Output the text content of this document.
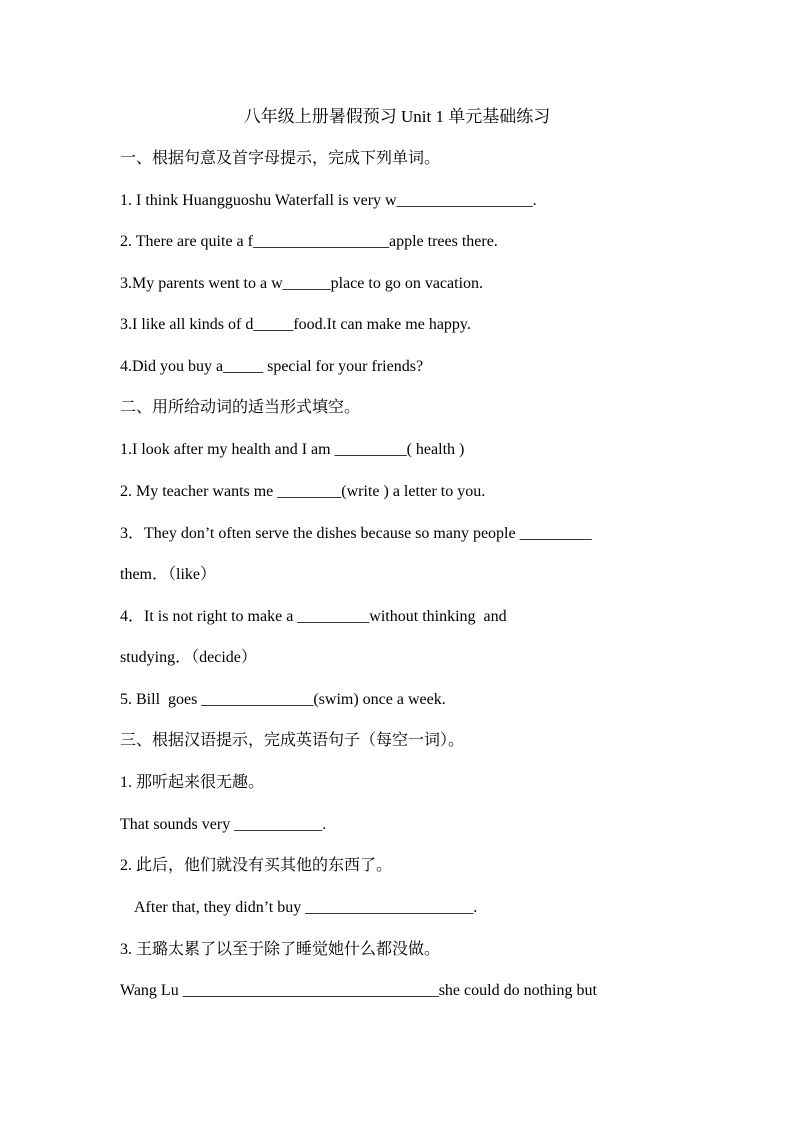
八年级上册暑假预习 Unit 1 单元基础练习
一、根据句意及首字母提示，完成下列单词。
1. I think Huangguoshu Waterfall is very w_________________.
2. There are quite a f_________________apple trees there.
3.My parents went to a w______place to go on vacation.
3.I like all kinds of d_____food.It can make me happy.
4.Did you buy a_____ special for your friends?
二、用所给动词的适当形式填空。
1.I look after my health and I am _________( health )
2. My teacher wants me ________(write ) a letter to you.
3．They don’t often serve the dishes because so many people _________
them．（like）
4．It is not right to make a _________without thinking  and
studying．（decide）
5. Bill  goes ______________(swim) once a week.
三、根据汉语提示，完成英语句子（每空一词）。
1. 那听起来很无趣。
That sounds very ___________.
2. 此后，他们就没有买其他的东西了。
After that, they didn’t buy _____________________.
3. 王璐太累了以至于除了睡觉她什么都没做。
Wang Lu ________________________________she could do nothing but
